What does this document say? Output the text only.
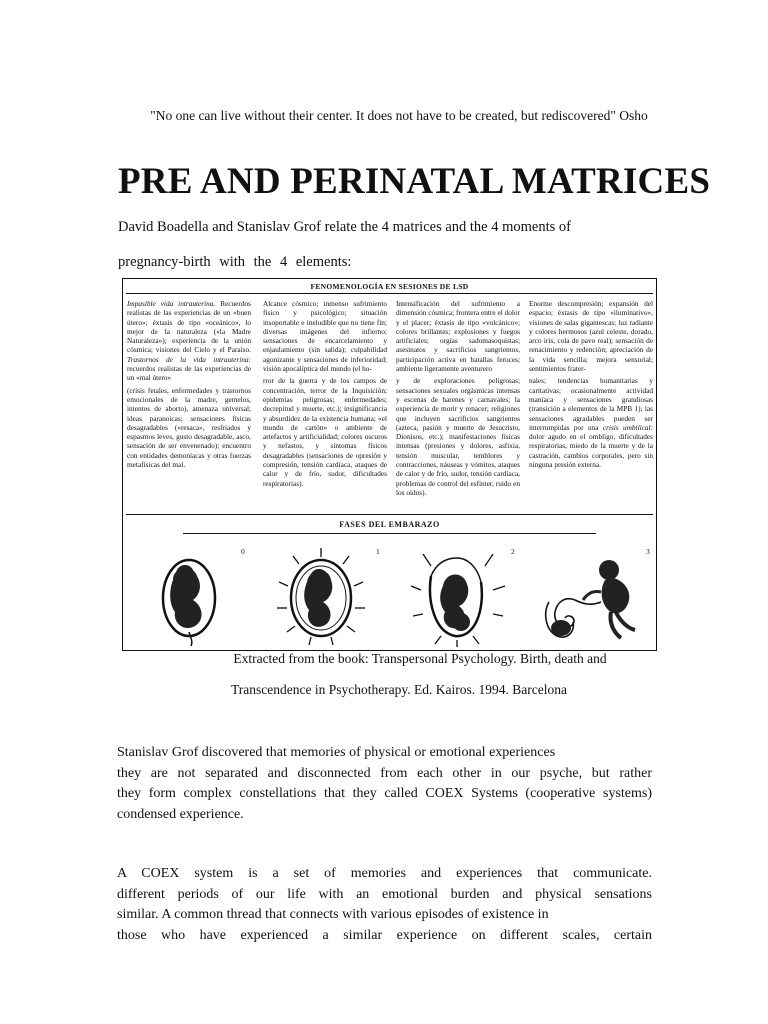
"No one can live without their center. It does not have to be created, but rediscovered" Osho
PRE AND PERINATAL MATRICES
David Boadella and Stanislav Grof relate the 4 matrices and the 4 moments of
pregnancy-birth with the 4 elements:
FENOMENOLOGÍA EN SESIONES DE LSD

Impasible vida intrauterina. Recuerdos realistas de las experiencias de un «buen útero»; éxtasis de tipo «oceánico», lo mejor de la naturaleza («la Madre Naturaleza»); experiencia de la unión cósmica; visiones del Cielo y el Paraíso. Trastornos de la vida intrauterina: recuerdos realistas de las experiencias de un «mal útero»

(crisis fetales, enfermedades y trastornos emocionales de la madre, gemelos, intentos de aborto), amenaza universal; ideas paranoicas; sensaciones físicas desagradables («resaca», resfriados y espasmos leves, gusto desagradable, asco, sensación de ser envenenado); encuentro con entidades demoníacas y otras fuerzas metafísicas del mal.

Alcance cósmico; inmenso sufrimiento físico y psicológico; situación insoportable e ineludible que no tiene fin; diversas imágenes del infierno; sensaciones de encarcelamiento y enjaulamiento (sin salida); culpabilidad agonizante y sensaciones de inferioridad; visión apocalíptica del mundo (el ho-

rror de la guerra y de los campos de concentración, terror de la Inquisición; epidemias peligrosas; enfermedades; decrepitud y muerte, etc.); insignificancia y absurdidez de la existencia humana; «el mundo de cartón» o ambiente de artefactos y artificialidad; colores oscuros y nefastos, y síntomas físicos desagradables (sensaciones de opresión y compresión, tensión cardíaca, ataques de calor y de frío, sudor, dificultades respiratorias).

Intensificación del sufrimiento a dimensión cósmica; frontera entre el dolor y el placer; éxtasis de tipo «volcánico»; colores brillantes; explosiones y fuegos artificiales; orgías sadomasoquistas; asesinatos y sacrificios sangrientos, participación activa en batallas feroces; ambiente ligeramente aventurero

y de exploraciones peligrosas; sensaciones sexuales orgásmicas intensas y escenas de harenes y carnavales; la experiencia de morir y renacer; religiones que incluyen sacrificios sangrientos (azteca, pasión y muerte de Jesucristo, Dionisos, etc.); manifestaciones físicas intensas (presiones y dolores, asfixia, tensión muscular, temblores y contracciones, náuseas y vómitos, ataques de calor y de frío, sudor, tensión cardíaca, problemas de control del esfínter, ruido en los oídos).

Enorme descompresión; expansión del espacio; éxtasis de tipo «iluminativo», visiones de salas gigantescas; luz radiante y colores hermosos (azul celeste, dorado, arco iris, cola de pavo real); sensación de renacimiento y redención; apreciación de la vida sencilla; mejora sensorial; sentimientos frater-

nales; tendencias humanitarias y caritativas; ocasionalmente actividad maníaca y sensaciones grandiosas (transición a elementos de la MPB 1); las sensaciones agradables pueden ser interrumpidas por una crisis umbilical: dolor agudo en el ombligo, dificultades respiratorias, miedo de la muerte y de la castración, cambios corporales, pero sin ninguna presión externa.

FASES DEL EMBARAZO
0	1	2	3
Extracted from the book: Transpersonal Psychology. Birth, death and
Transcendence in Psychotherapy. Ed. Kairos. 1994. Barcelona
Stanislav Grof discovered that memories of physical or emotional experiences
they are not separated and disconnected from each other in our psyche, but rather
they form complex constellations that they called COEX Systems (cooperative systems)
condensed experience.
A COEX system is a set of memories and experiences that communicate.
different periods of our life with an emotional burden and physical sensations
similar. A common thread that connects with various episodes of existence in
those who have experienced a similar experience on different scales, certain
